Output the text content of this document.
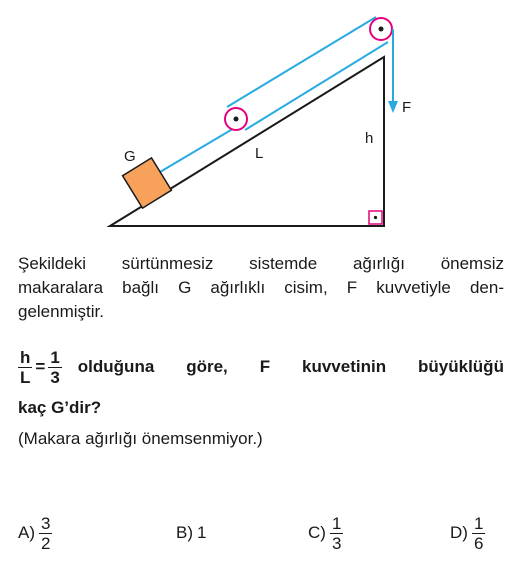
G	L
h
F

Şekildeki sürtünmesiz sistemde ağırlığı önemsiz

makaralara bağlı G ağırlıklı cisim, F kuvvetiyle den-

gelenmiştir.

$\frac{h}{L} = \frac{1}{3}$ olduğuna göre, F kuvvetinin büyüklüğü

kaç G’dir?

(Makara ağırlığı önemsenmiyor.)

$A) \frac{3}{2}$	B) 1	$C) \frac{1}{3}$	$D) \frac{1}{6}$
